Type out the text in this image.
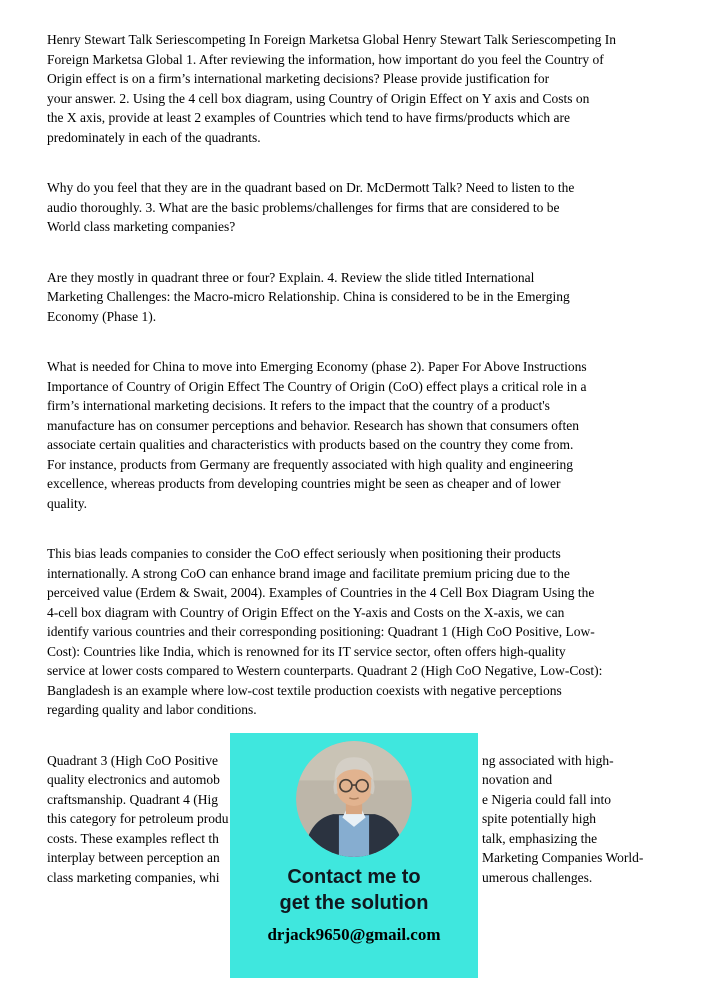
Henry Stewart Talk Seriescompeting In Foreign Marketsa Global Henry Stewart Talk Seriescompeting In
Foreign Marketsa Global 1. After reviewing the information, how important do you feel the Country of
Origin effect is on a firm’s international marketing decisions? Please provide justification for
your answer. 2. Using the 4 cell box diagram, using Country of Origin Effect on Y axis and Costs on
the X axis, provide at least 2 examples of Countries which tend to have firms/products which are
predominately in each of the quadrants.
Why do you feel that they are in the quadrant based on Dr. McDermott Talk? Need to listen to the
audio thoroughly. 3. What are the basic problems/challenges for firms that are considered to be
World class marketing companies?
Are they mostly in quadrant three or four? Explain. 4. Review the slide titled International
Marketing Challenges: the Macro-micro Relationship. China is considered to be in the Emerging
Economy (Phase 1).
What is needed for China to move into Emerging Economy (phase 2). Paper For Above Instructions
Importance of Country of Origin Effect The Country of Origin (CoO) effect plays a critical role in a
firm’s international marketing decisions. It refers to the impact that the country of a product's
manufacture has on consumer perceptions and behavior. Research has shown that consumers often
associate certain qualities and characteristics with products based on the country they come from.
For instance, products from Germany are frequently associated with high quality and engineering
excellence, whereas products from developing countries might be seen as cheaper and of lower
quality.
This bias leads companies to consider the CoO effect seriously when positioning their products
internationally. A strong CoO can enhance brand image and facilitate premium pricing due to the
perceived value (Erdem & Swait, 2004). Examples of Countries in the 4 Cell Box Diagram Using the
4-cell box diagram with Country of Origin Effect on the Y-axis and Costs on the X-axis, we can
identify various countries and their corresponding positioning: Quadrant 1 (High CoO Positive, Low-
Cost): Countries like India, which is renowned for its IT service sector, often offers high-quality
service at lower costs compared to Western counterparts. Quadrant 2 (High CoO Negative, Low-Cost):
Bangladesh is an example where low-cost textile production coexists with negative perceptions
regarding quality and labor conditions.
Quadrant 3 (High CoO Positive	ng associated with high-
quality electronics and automob	novation and
craftsmanship. Quadrant 4 (Hig	e Nigeria could fall into
this category for petroleum produ	spite potentially high
costs. These examples reflect th	talk, emphasizing the
interplay between perception an	Marketing Companies World-
class marketing companies, whi	umerous challenges.
Contact me to
get the solution
drjack9650@gmail.com
